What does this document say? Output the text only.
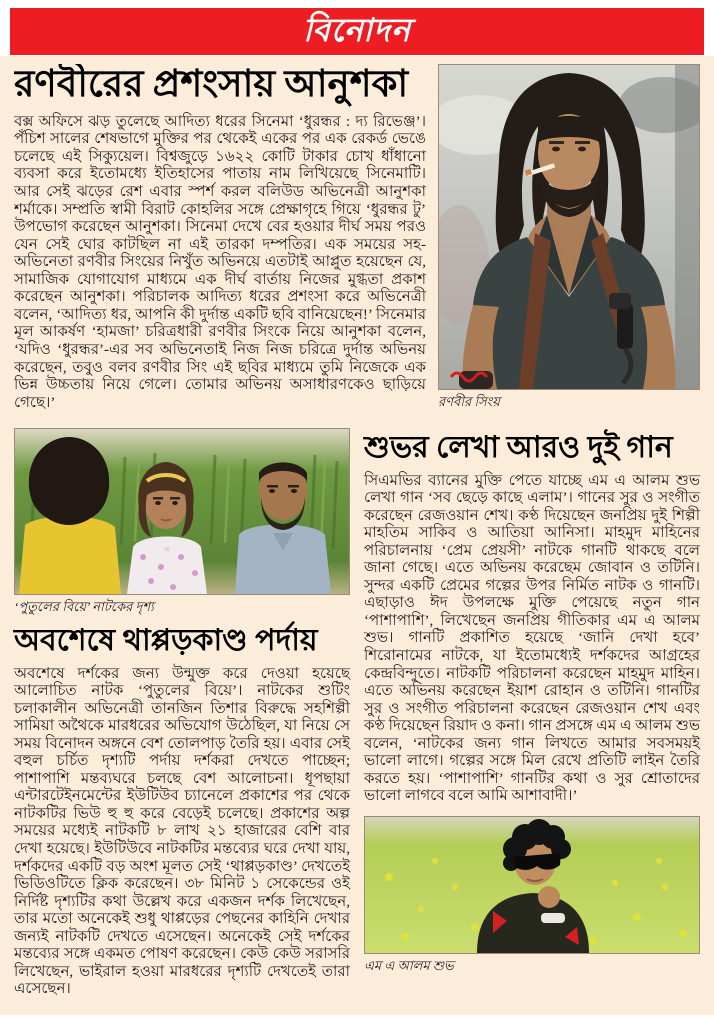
বিনোদন
রণবীর সিংয়
রণবীরের প্রশংসায় আনুশকা

বক্স অফিসে ঝড় তুলেছে আদিত্য ধরের সিনেমা ‘ধুরন্ধর : দ্য রিভেঞ্জ’। পঁচিশ সালের শেষভাগে মুক্তির পর থেকেই একের পর এক রেকর্ড ভেঙে চলেছে এই সিক্যুয়েল। বিশ্বজুড়ে ১৬২২ কোটি টাকার চোখ ধাঁধানো ব্যবসা করে ইতোমধ্যে ইতিহাসের পাতায় নাম লিখিয়েছে সিনেমাটি। আর সেই ঝড়ের রেশ এবার স্পর্শ করল বলিউড অভিনেত্রী আনুশকা শর্মাকে। সম্প্রতি স্বামী বিরাট কোহলির সঙ্গে প্রেক্ষাগৃহে গিয়ে ‘ধুরন্ধর টু’ উপভোগ করেছেন আনুশকা। সিনেমা দেখে বের হওয়ার দীর্ঘ সময় পরও যেন সেই ঘোর কাটছিল না এই তারকা দম্পতির। এক সময়ের সহ-অভিনেতা রণবীর সিংয়ের নিখুঁত অভিনয়ে এতটাই আপ্লুত হয়েছেন যে, সামাজিক যোগাযোগ মাধ্যমে এক দীর্ঘ বার্তায় নিজের মুগ্ধতা প্রকাশ করেছেন আনুশকা। পরিচালক আদিত্য ধরের প্রশংসা করে অভিনেত্রী বলেন, ‘আদিত্য ধর, আপনি কী দুর্দান্ত একটি ছবি বানিয়েছেন!’ সিনেমার মূল আকর্ষণ ‘হামজা’ চরিত্রধারী রণবীর সিংকে নিয়ে আনুশকা বলেন, ‘যদিও ‘ধুরন্ধর’-এর সব অভিনেতাই নিজ নিজ চরিত্রে দুর্দান্ত অভিনয় করেছেন, তবুও বলব রণবীর সিং এই ছবির মাধ্যমে তুমি নিজেকে এক ভিন্ন উচ্চতায় নিয়ে গেলে। তোমার অভিনয় অসাধারণকেও ছাড়িয়ে গেছে।’

‘পুতুলের বিয়ে’ নাটকের দৃশ্য
অবশেষে থাপ্পড়কাণ্ড পর্দায়

অবশেষে দর্শকের জন্য উন্মুক্ত করে দেওয়া হয়েছে আলোচিত নাটক ‘পুতুলের বিয়ে’। নাটকের শুটিং চলাকালীন অভিনেত্রী তানজিন তিশার বিরুদ্ধে সহশিল্পী সামিয়া অথৈকে মারধরের অভিযোগ উঠেছিল, যা নিয়ে সে সময় বিনোদন অঙ্গনে বেশ তোলপাড় তৈরি হয়। এবার সেই বহুল চর্চিত দৃশ্যটি পর্দায় দর্শকরা দেখতে পাচ্ছেন; পাশাপাশি মন্তব্যঘরে চলছে বেশ আলোচনা। ধূপছায়া এন্টারটেইনমেন্টের ইউটিউব চ্যানেলে প্রকাশের পর থেকে নাটকটির ভিউ হু হু করে বেড়েই চলেছে। প্রকাশের অল্প সময়ের মধ্যেই নাটকটি ৮ লাখ ২১ হাজারের বেশি বার দেখা হয়েছে। ইউটিউবে নাটকটির মন্তব্যের ঘরে দেখা যায়, দর্শকদের একটি বড় অংশ মূলত সেই ‘থাপ্পড়কাণ্ড’ দেখতেই ভিডিওটিতে ক্লিক করেছেন। ৩৮ মিনিট ১ সেকেন্ডের ওই নির্দিষ্ট দৃশ্যটির কথা উল্লেখ করে একজন দর্শক লিখেছেন, তার মতো অনেকেই শুধু থাপ্পড়ের পেছনের কাহিনি দেখার জন্যই নাটকটি দেখতে এসেছেন। অনেকেই সেই দর্শকের মন্তব্যের সঙ্গে একমত পোষণ করেছেন। কেউ কেউ সরাসরি লিখেছেন, ভাইরাল হওয়া মারধরের দৃশ্যটি দেখতেই তারা এসেছেন।

শুভর লেখা আরও দুই গান

সিএমভির ব্যানের মুক্তি পেতে যাচ্ছে এম এ আলম শুভ লেখা গান ‘সব ছেড়ে কাছে এলাম’। গানের সুর ও সংগীত করেছেন রেজওয়ান শেখ। কণ্ঠ দিয়েছেন জনপ্রিয় দুই শিল্পী মাহতিম সাকিব ও আতিয়া আনিসা। মাহমুদ মাহিনের পরিচালনায় ‘প্রেম প্রেয়সী’ নাটকে গানটি থাকছে বলে জানা গেছে। এতে অভিনয় করেছেম জোবান ও তটিনি। সুন্দর একটি প্রেমের গল্পের উপর নির্মিত নাটক ও গানটি। এছাড়াও ঈদ উপলক্ষে মুক্তি পেয়েছে নতুন গান ‘পাশাপাশি’, লিখেছেন জনপ্রিয় গীতিকার এম এ আলম শুভ। গানটি প্রকাশিত হয়েছে ‘জানি দেখা হবে’ শিরোনামের নাটকে, যা ইতোমধ্যেই দর্শকদের আগ্রহের কেন্দ্রবিন্দুতে। নাটকটি পরিচালনা করেছেন মাহমুদ মাহিন। এতে অভিনয় করেছেন ইয়াশ রোহান ও তটিনি। গানটির সুর ও সংগীত পরিচালনা করেছেন রেজওয়ান শেখ এবং কণ্ঠ দিয়েছেন রিয়াদ ও কনা। গান প্রসঙ্গে এম এ আলম শুভ বলেন, ‘নাটকের জন্য গান লিখতে আমার সবসময়ই ভালো লাগে। গল্পের সঙ্গে মিল রেখে প্রতিটি লাইন তৈরি করতে হয়। ‘পাশাপাশি’ গানটির কথা ও সুর শ্রোতাদের ভালো লাগবে বলে আমি আশাবাদী।’

এম এ আলম শুভ
